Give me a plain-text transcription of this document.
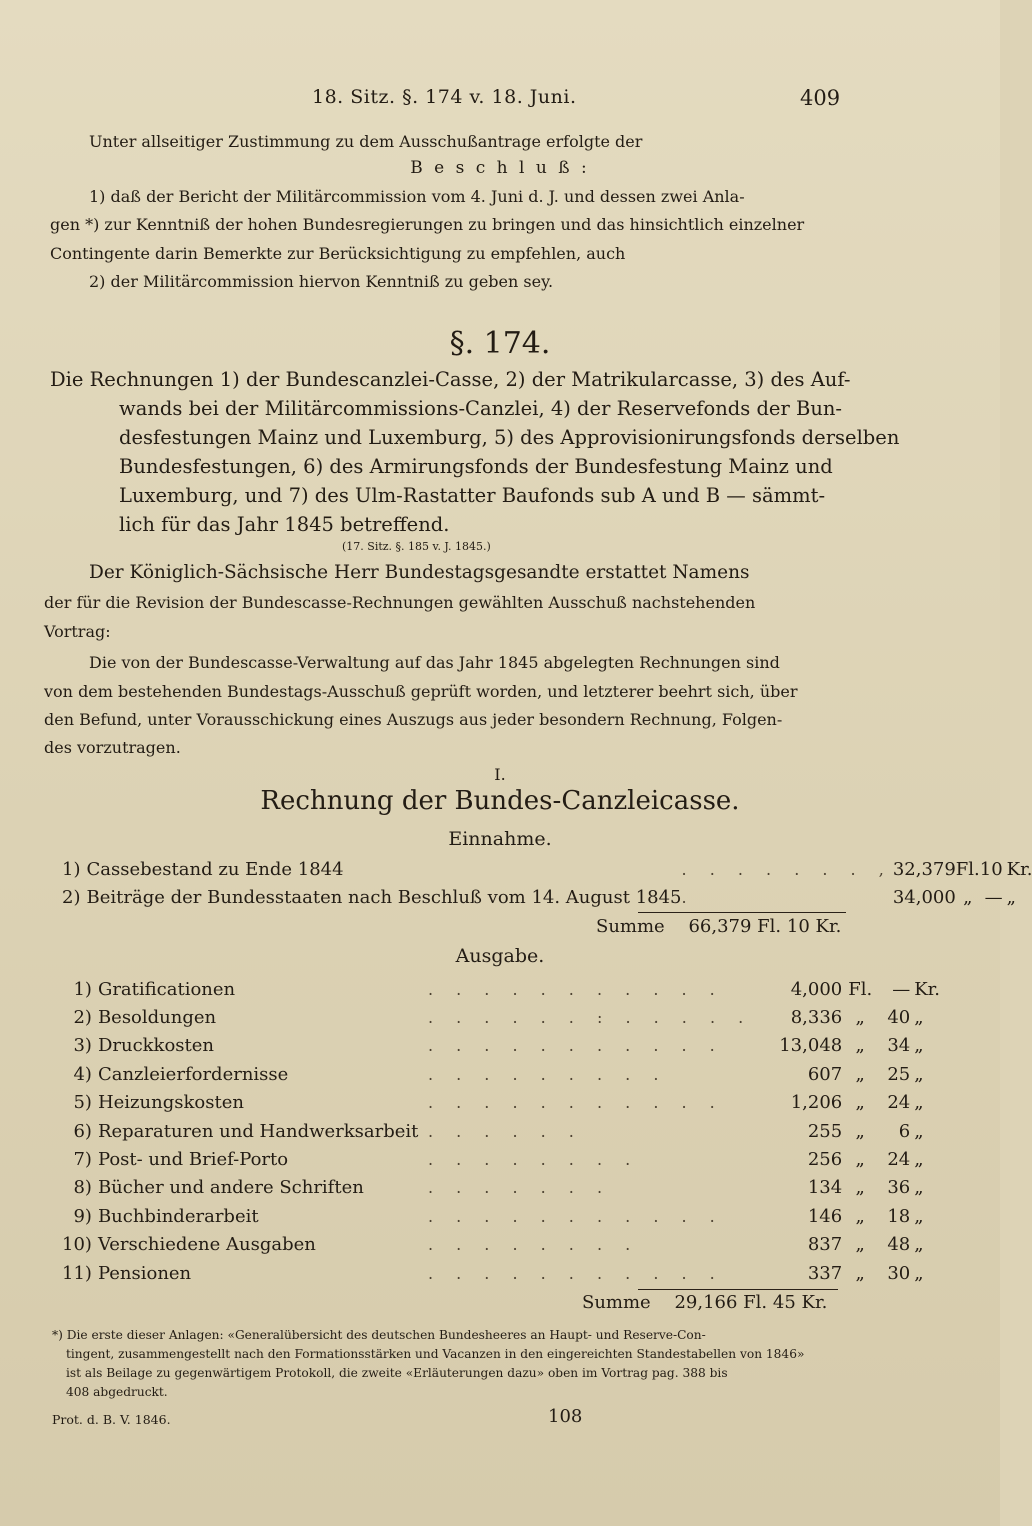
18. Sitz. §. 174 v. 18. Juni.	409
Unter allseitiger Zustimmung zu dem Ausschußantrage erfolgte der
B e s c h l u ß :
1) daß der Bericht der Militärcommission vom 4. Juni d. J. und dessen zwei Anla-
gen *) zur Kenntniß der hohen Bundesregierungen zu bringen und das hinsichtlich einzelner
Contingente darin Bemerkte zur Berücksichtigung zu empfehlen, auch
2) der Militärcommission hiervon Kenntniß zu geben sey.
§. 174.
Die Rechnungen 1) der Bundescanzlei-Casse, 2) der Matrikularcasse, 3) des Auf-
wands bei der Militärcommissions-Canzlei, 4) der Reservefonds der Bun-
desfestungen Mainz und Luxemburg, 5) des Approvisionirungsfonds derselben
Bundesfestungen, 6) des Armirungsfonds der Bundesfestung Mainz und
Luxemburg, und 7) des Ulm-Rastatter Baufonds sub A und B — sämmt-
lich für das Jahr 1845 betreffend.
(17. Sitz. §. 185 v. J. 1845.)
Der Königlich-Sächsische Herr Bundestagsgesandte erstattet Namens
der für die Revision der Bundescasse-Rechnungen gewählten Ausschuß nachstehenden
Vortrag:
Die von der Bundescasse-Verwaltung auf das Jahr 1845 abgelegten Rechnungen sind
von dem bestehenden Bundestags-Ausschuß geprüft worden, und letzterer beehrt sich, über
den Befund, unter Vorausschickung eines Auszugs aus jeder besondern Rechnung, Folgen-
des vorzutragen.
I.
Rechnung der Bundes-Canzleicasse.
Einnahme.
1)	Cassebestand zu Ende 1844	. . . . . . . ,	32,379	Fl.	10	Kr.
2)	Beiträge der Bundesstaaten nach Beschluß vom 14. August 1845	.	34,000	„	—	„
Summe 66,379 Fl. 10 Kr.
Ausgabe.
1)	Gratificationen	. . . . . . . . . . .	4,000	Fl.	—	Kr.
2)	Besoldungen	. . . . . . : . . . . .	8,336	„	40	„
3)	Druckkosten	. . . . . . . . . . .	13,048	„	34	„
4)	Canzleierfordernisse	. . . . . . . . .	607	„	25	„
5)	Heizungskosten	. . . . . . . . . . .	1,206	„	24	„
6)	Reparaturen und Handwerksarbeit	. . . . . .	255	„	6	„
7)	Post- und Brief-Porto	. . . . . . . .	256	„	24	„
8)	Bücher und andere Schriften	. . . . . . .	134	„	36	„
9)	Buchbinderarbeit	. . . . . . . . . . .	146	„	18	„
10)	Verschiedene Ausgaben	. . . . . . . .	837	„	48	„
11)	Pensionen	. . . . . . . . . . .	337	„	30	„
Summe 29,166 Fl. 45 Kr.
*) Die erste dieser Anlagen: «Generalübersicht des deutschen Bundesheeres an Haupt- und Reserve-Con-
tingent, zusammengestellt nach den Formationsstärken und Vacanzen in den eingereichten Standestabellen von 1846»
ist als Beilage zu gegenwärtigem Protokoll, die zweite «Erläuterungen dazu» oben im Vortrag pag. 388 bis
408 abgedruckt.
Prot. d. B. V. 1846.	108
